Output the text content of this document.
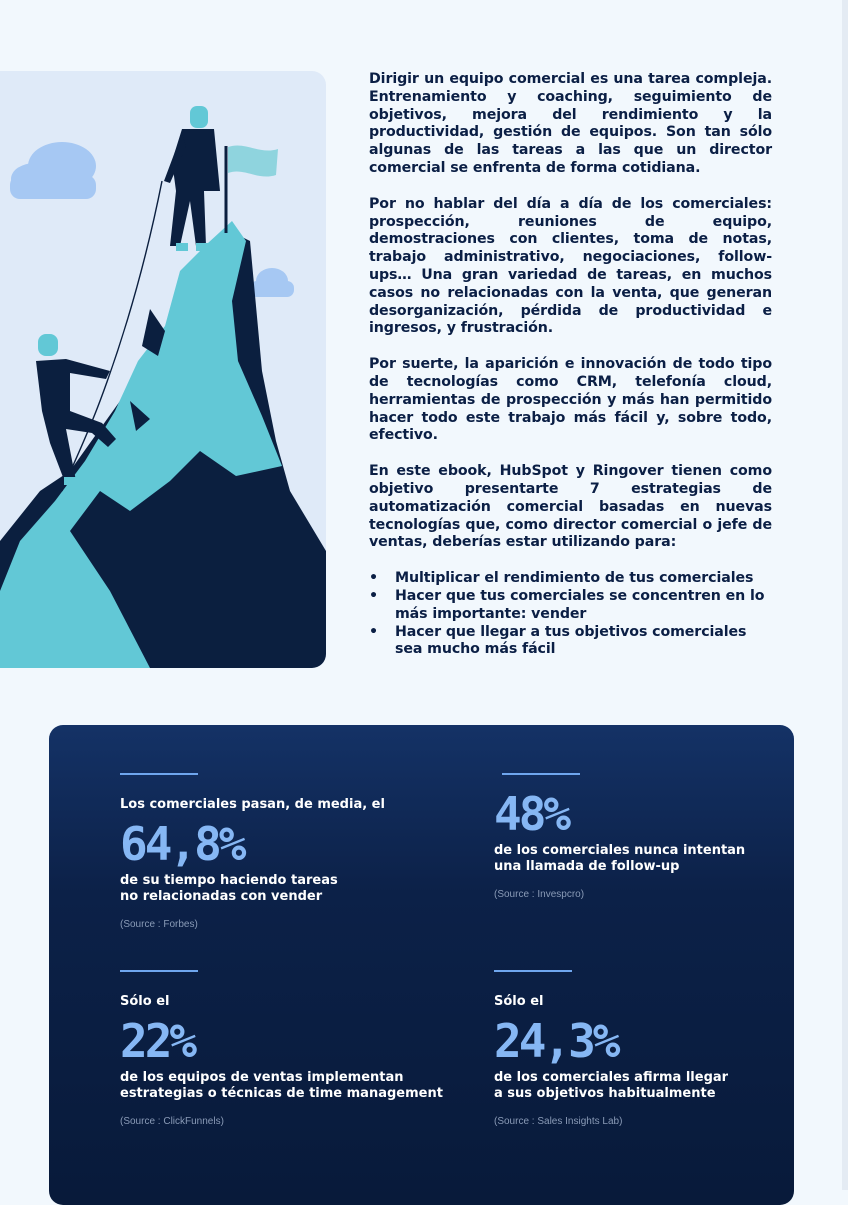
Dirigir un equipo comercial es una tarea compleja. Entrenamiento y coaching, seguimiento de objetivos, mejora del rendimiento y la productividad, gestión de equipos. Son tan sólo algunas de las tareas a las que un director comercial se enfrenta de forma cotidiana.

Por no hablar del día a día de los comerciales: prospección, reuniones de equipo, demostraciones con clientes, toma de notas, trabajo administrativo, negociaciones, follow-ups… Una gran variedad de tareas, en muchos casos no relacionadas con la venta, que generan desorganización, pérdida de productividad e ingresos, y frustración.

Por suerte, la aparición e innovación de todo tipo de tecnologías como CRM, telefonía cloud, herramientas de prospección y más han permitido hacer todo este trabajo más fácil y, sobre todo, efectivo.

En este ebook, HubSpot y Ringover tienen como objetivo presentarte 7 estrategias de automatización comercial basadas en nuevas tecnologías que, como director comercial o jefe de ventas, deberías estar utilizando para:

• Multiplicar el rendimiento de tus comerciales
• Hacer que tus comerciales se concentren en lo más importante: vender
• Hacer que llegar a tus objetivos comerciales sea mucho más fácil

Los comerciales pasan, de media, el

64,8%

de su tiempo haciendo tareas

no relacionadas con vender

(Source : Forbes)
48%

de los comerciales nunca intentan

una llamada de follow-up

(Source : Invespcro)

Sólo el

22%

de los equipos de ventas implementan

estrategias o técnicas de time management

(Source : ClickFunnels)

Sólo el

24,3%

de los comerciales afirma llegar

a sus objetivos habitualmente

(Source : Sales Insights Lab)
